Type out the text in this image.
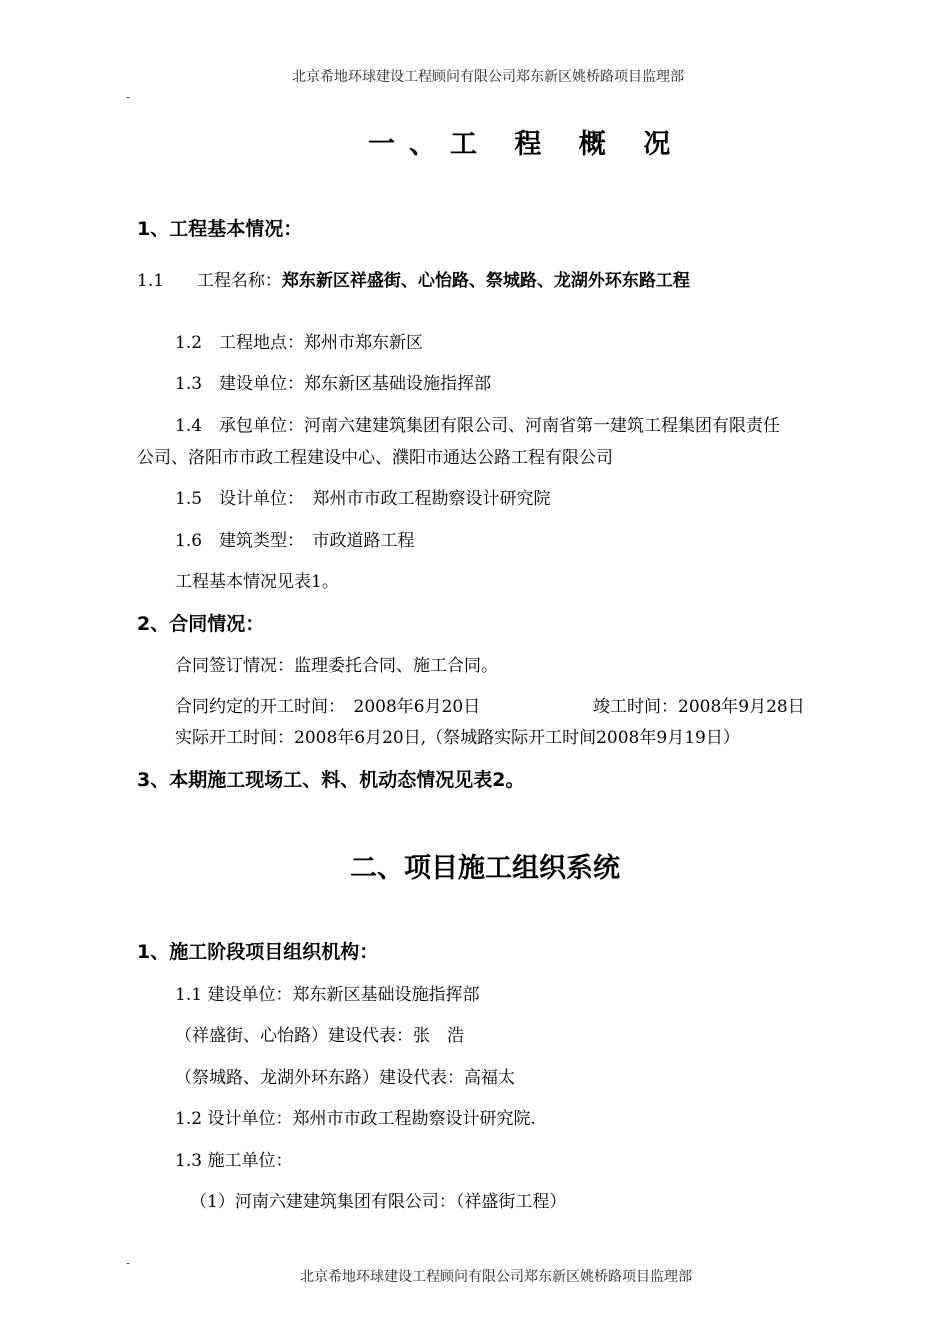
北京希地环球建设工程顾问有限公司郑东新区姚桥路项目监理部
-
一、工 程 概 况
1、工程基本情况：
1.1 工程名称：郑东新区祥盛街、心怡路、祭城路、龙湖外环东路工程
1.2　工程地点：郑州市郑东新区
1.3　建设单位：郑东新区基础设施指挥部
1.4　承包单位：河南六建建筑集团有限公司、河南省第一建筑工程集团有限责任
公司、洛阳市市政工程建设中心、濮阳市通达公路工程有限公司
1.5　设计单位：　郑州市市政工程勘察设计研究院
1.6　建筑类型：　市政道路工程
工程基本情况见表1。
2、合同情况：
合同签订情况：监理委托合同、施工合同。
合同约定的开工时间：　2008年6月20日	竣工时间：2008年9月28日
实际开工时间：2008年6月20日,（祭城路实际开工时间2008年9月19日）
3、本期施工现场工、料、机动态情况见表2。
二、项目施工组织系统
1、施工阶段项目组织机构：
1.1 建设单位：郑东新区基础设施指挥部
（祥盛街、心怡路）建设代表：张　浩
（祭城路、龙湖外环东路）建设代表：高福太
1.2 设计单位：郑州市市政工程勘察设计研究院.
1.3 施工单位：
（1）河南六建建筑集团有限公司：（祥盛街工程）
-
北京希地环球建设工程顾问有限公司郑东新区姚桥路项目监理部
